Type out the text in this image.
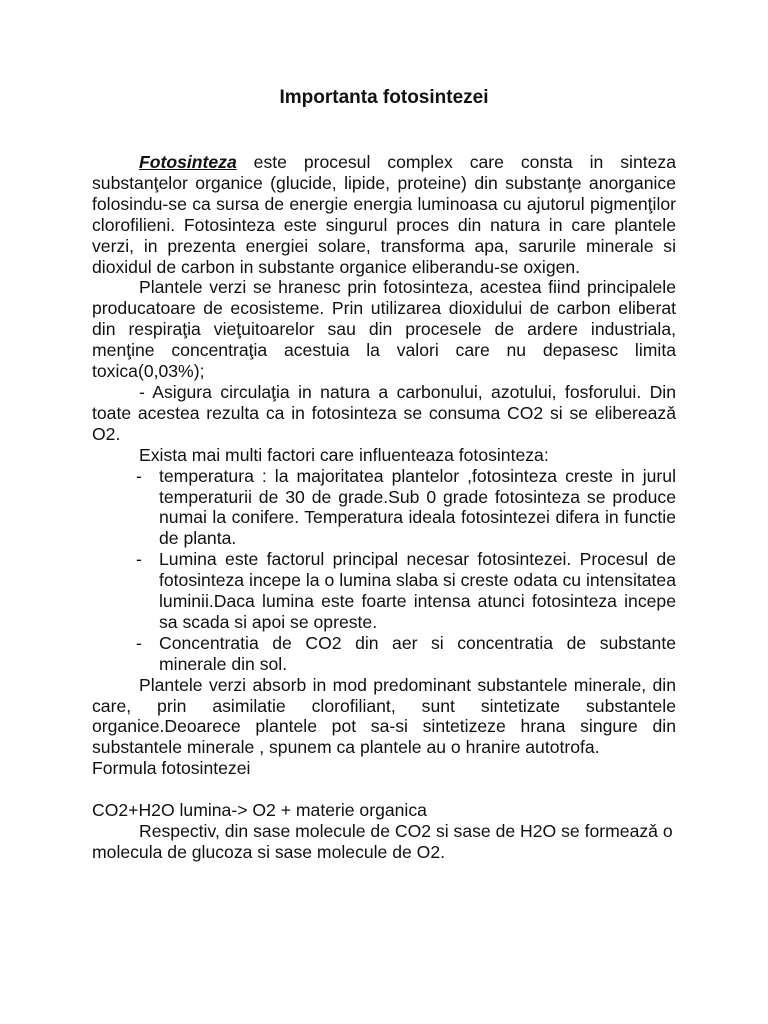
Importanta fotosintezei

Fotosinteza este procesul complex care consta in sinteza substanţelor organice (glucide, lipide, proteine) din substanţe anorganice folosindu-se ca sursa de energie energia luminoasa cu ajutorul pigmenţilor clorofilieni. Fotosinteza este singurul proces din natura in care plantele verzi, in prezenta energiei solare, transforma apa, sarurile minerale si dioxidul de carbon in substante organice eliberandu-se oxigen.

Plantele verzi se hranesc prin fotosinteza, acestea fiind principalele producatoare de ecosisteme. Prin utilizarea dioxidului de carbon eliberat din respiraţia vieţuitoarelor sau din procesele de ardere industriala, menţine concentraţia acestuia la valori care nu depasesc limita toxica(0,03%);

- Asigura circulaţia in natura a carbonului, azotului, fosforului. Din toate acestea rezulta ca in fotosinteza se consuma CO2 si se elibereazǎ O2.

Exista mai multi factori care influenteaza fotosinteza:

- temperatura : la majoritatea plantelor ,fotosinteza creste in jurul temperaturii de 30 de grade.Sub 0 grade fotosinteza se produce numai la conifere. Temperatura ideala fotosintezei difera in functie de planta.
- Lumina este factorul principal necesar fotosintezei. Procesul de fotosinteza incepe la o lumina slaba si creste odata cu intensitatea luminii.Daca lumina este foarte intensa atunci fotosinteza incepe sa scada si apoi se opreste.
- Concentratia de CO2 din aer si concentratia de substante minerale din sol.

Plantele verzi absorb in mod predominant substantele minerale, din care, prin asimilatie clorofiliant, sunt sintetizate substantele organice.Deoarece plantele pot sa-si sintetizeze hrana singure din substantele minerale , spunem ca plantele au o hranire autotrofa.

Formula fotosintezei

CO2+H2O lumina-> O2 + materie organica

Respectiv, din sase molecule de CO2 si sase de H2O se formeazǎ o molecula de glucoza si sase molecule de O2.
